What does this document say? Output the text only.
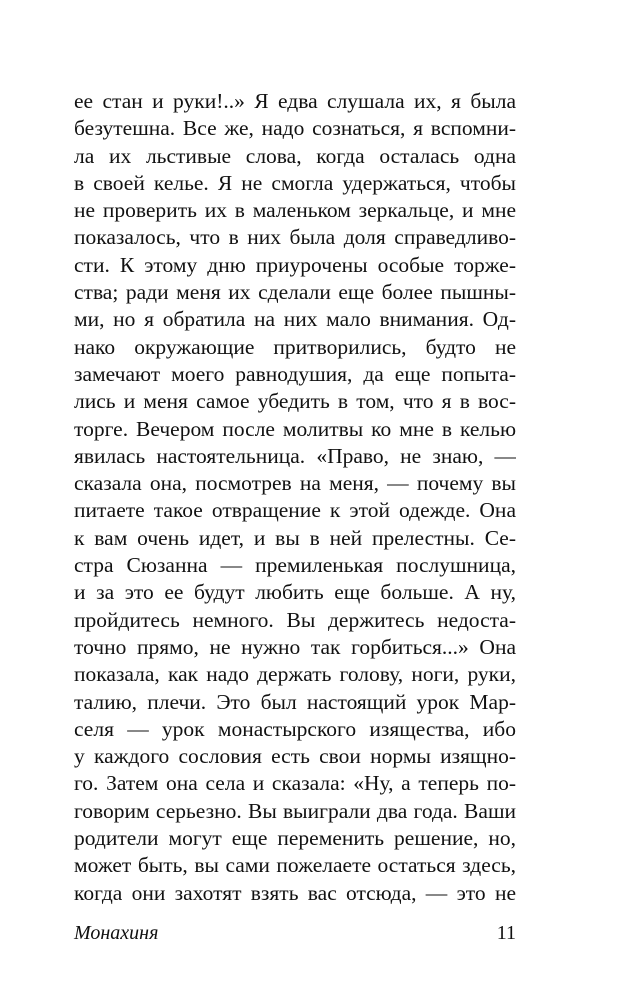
ее стан и руки!..» Я едва слушала их, я была
безутешна. Все же, надо сознаться, я вспомни-
ла их льстивые слова, когда осталась одна
в своей келье. Я не смогла удержаться, чтобы
не проверить их в маленьком зеркальце, и мне
показалось, что в них была доля справедливо-
сти. К этому дню приурочены особые торже-
ства; ради меня их сделали еще более пышны-
ми, но я обратила на них мало внимания. Од-
нако окружающие притворились, будто не
замечают моего равнодушия, да еще попыта-
лись и меня самое убедить в том, что я в вос-
торге. Вечером после молитвы ко мне в келью
явилась настоятельница. «Право, не знаю, —
сказала она, посмотрев на меня, — почему вы
питаете такое отвращение к этой одежде. Она
к вам очень идет, и вы в ней прелестны. Се-
стра Сюзанна — премиленькая послушница,
и за это ее будут любить еще больше. А ну,
пройдитесь немного. Вы держитесь недоста-
точно прямо, не нужно так горбиться...» Она
показала, как надо держать голову, ноги, руки,
талию, плечи. Это был настоящий урок Мар-
селя — урок монастырского изящества, ибо
у каждого сословия есть свои нормы изящно-
го. Затем она села и сказала: «Ну, а теперь по-
говорим серьезно. Вы выиграли два года. Ваши
родители могут еще переменить решение, но,
может быть, вы сами пожелаете остаться здесь,
когда они захотят взять вас отсюда, — это не
Монахиня	11
